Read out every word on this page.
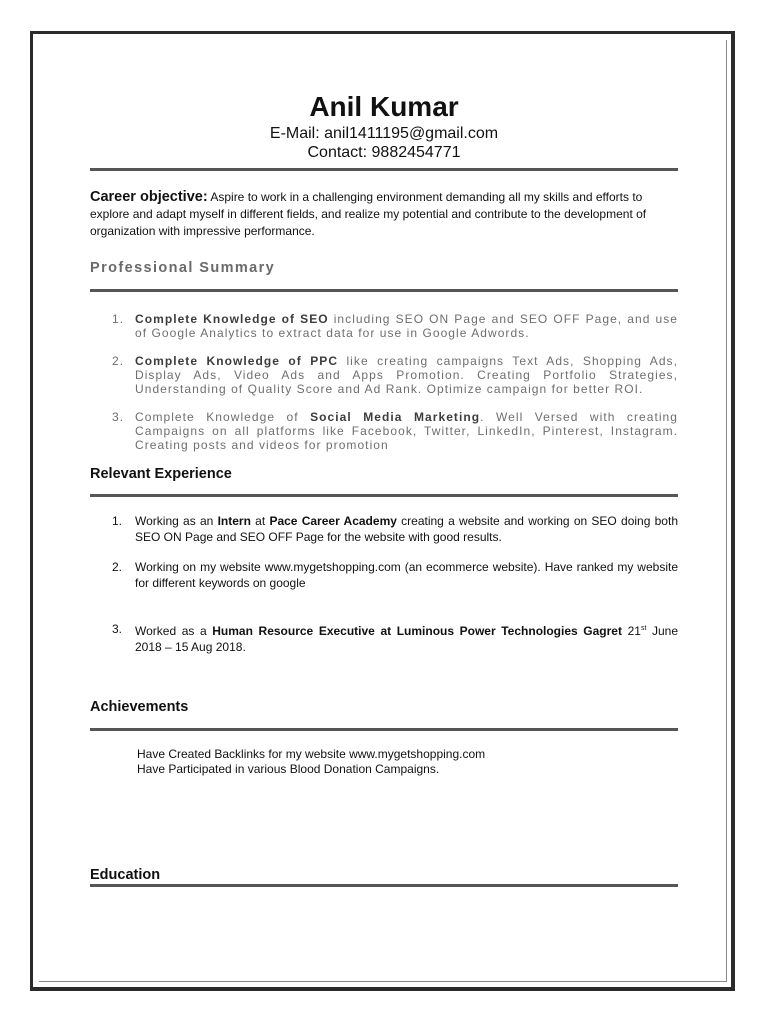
Anil Kumar
E-Mail: anil1411195@gmail.com
Contact: 9882454771
Career objective: Aspire to work in a challenging environment demanding all my skills and efforts to explore and adapt myself in different fields, and realize my potential and contribute to the development of organization with impressive performance.
Professional Summary
1. Complete Knowledge of SEO including SEO ON Page and SEO OFF Page, and use of Google Analytics to extract data for use in Google Adwords.
2. Complete Knowledge of PPC like creating campaigns Text Ads, Shopping Ads, Display Ads, Video Ads and Apps Promotion. Creating Portfolio Strategies, Understanding of Quality Score and Ad Rank. Optimize campaign for better ROI.
3. Complete Knowledge of Social Media Marketing. Well Versed with creating Campaigns on all platforms like Facebook, Twitter, LinkedIn, Pinterest, Instagram. Creating posts and videos for promotion
Relevant Experience
1. Working as an Intern at Pace Career Academy creating a website and working on SEO doing both SEO ON Page and SEO OFF Page for the website with good results.
2. Working on my website www.mygetshopping.com (an ecommerce website). Have ranked my website for different keywords on google
3. Worked as a Human Resource Executive at Luminous Power Technologies Gagret 21st June 2018 – 15 Aug 2018.
Achievements
Have Created Backlinks for my website www.mygetshopping.com
Have Participated in various Blood Donation Campaigns.
Education
